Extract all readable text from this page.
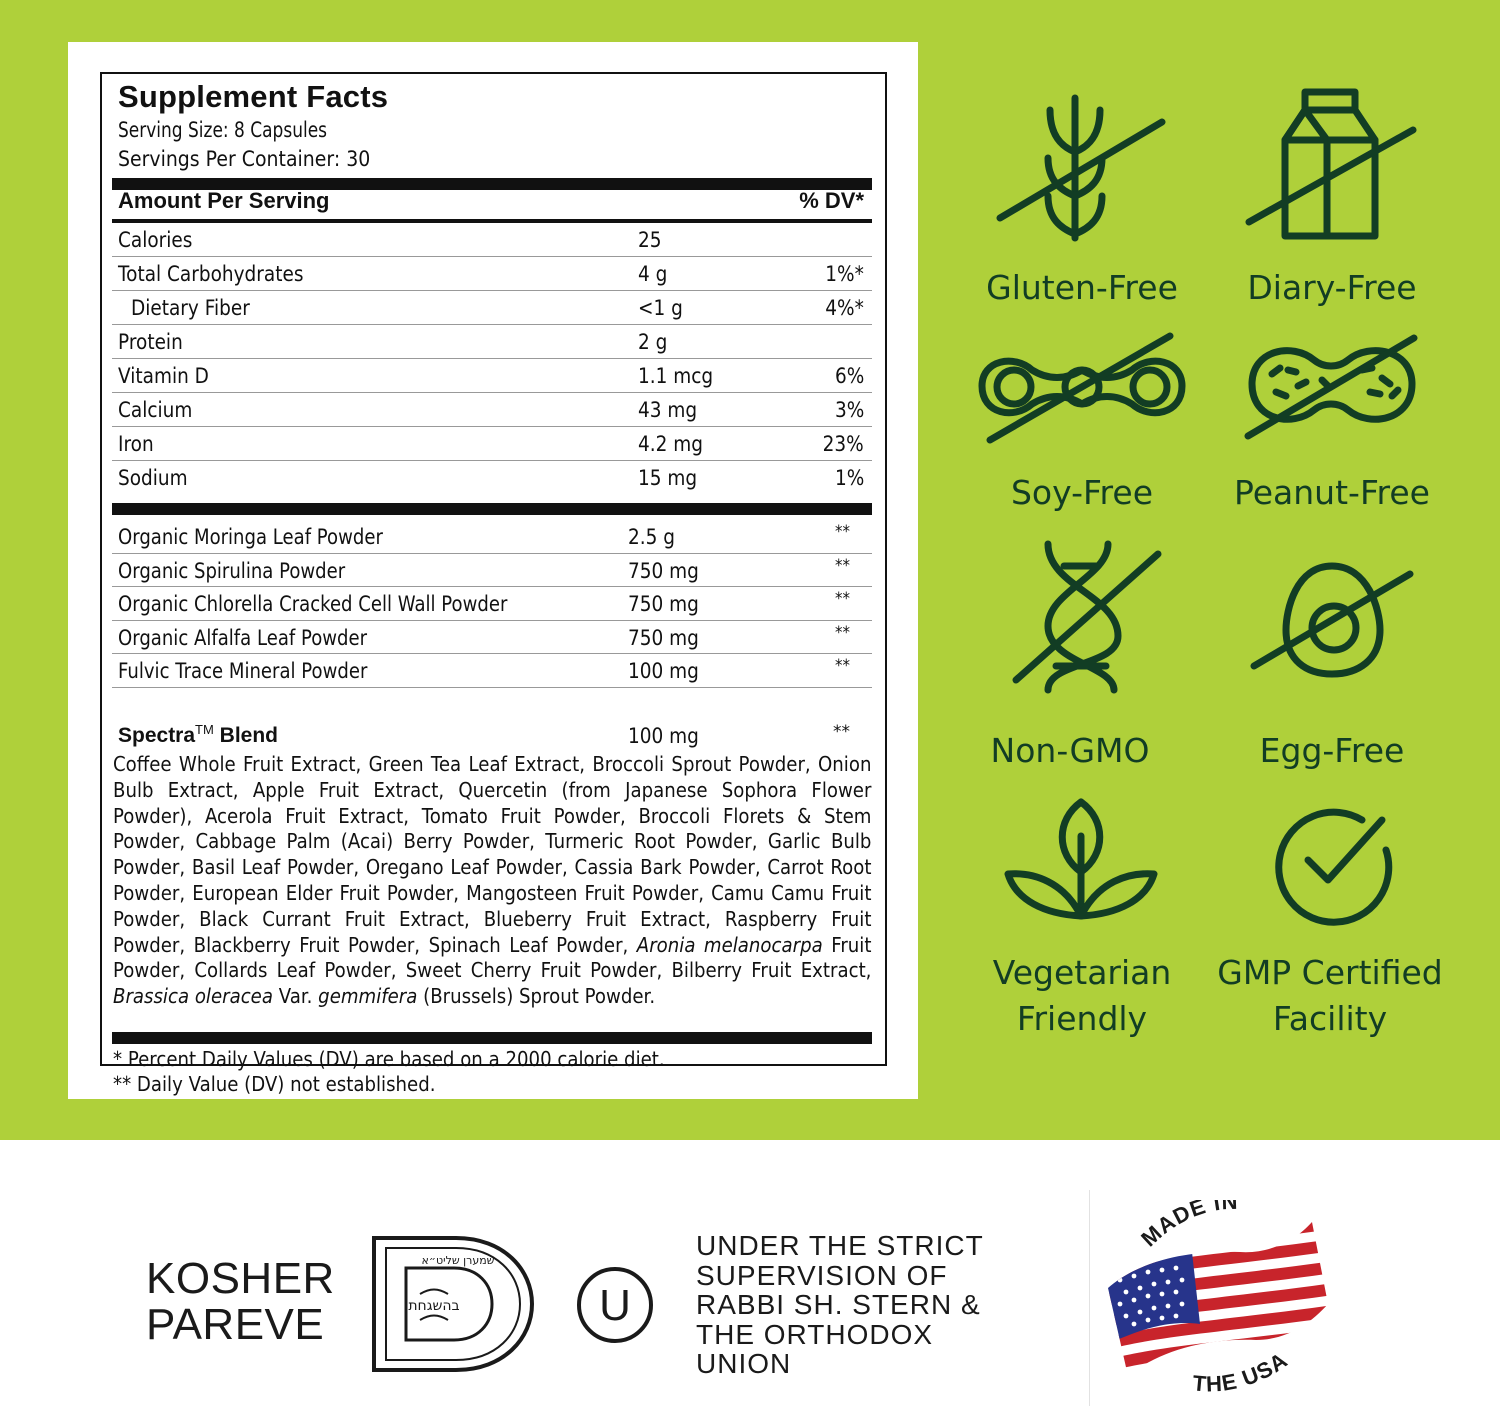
Supplement Facts
Serving Size: 8 Capsules
Servings Per Container: 30
Amount Per Serving	% DV*
Calories	25
Total Carbohydrates	4 g	1%*
Dietary Fiber	<1 g	4%*
Protein	2 g
Vitamin D	1.1 mcg	6%
Calcium	43 mg	3%
Iron	4.2 mg	23%
Sodium	15 mg	1%
Organic Moringa Leaf Powder	2.5 g	**
Organic Spirulina Powder	750 mg	**
Organic Chlorella Cracked Cell Wall Powder	750 mg	**
Organic Alfalfa Leaf Powder	750 mg	**
Fulvic Trace Mineral Powder	100 mg	**
Spectra™ Blend	100 mg	**
Coffee Whole Fruit Extract, Green Tea Leaf Extract, Broccoli Sprout Powder, Onion Bulb Extract, Apple Fruit Extract, Quercetin (from Japanese Sophora Flower Powder), Acerola Fruit Extract, Tomato Fruit Powder, Broccoli Florets & Stem Powder, Cabbage Palm (Acai) Berry Powder, Turmeric Root Powder, Garlic Bulb Powder, Basil Leaf Powder, Oregano Leaf Powder, Cassia Bark Powder, Carrot Root Powder, European Elder Fruit Powder, Mangosteen Fruit Powder, Camu Camu Fruit Powder, Black Currant Fruit Extract, Blueberry Fruit Extract, Raspberry Fruit Powder, Blackberry Fruit Powder, Spinach Leaf Powder, Aronia melanocarpa Fruit Powder, Collards Leaf Powder, Sweet Cherry Fruit Powder, Bilberry Fruit Extract, Brassica oleracea Var. gemmifera (Brussels) Sprout Powder.
* Percent Daily Values (DV) are based on a 2000 calorie diet.
** Daily Value (DV) not established.
Gluten-Free	Diary-Free
Soy-Free	Peanut-Free
Non-GMO	Egg-Free
Vegetarian
Friendly
GMP Certified
Facility
KOSHER
PAREVE	בהשגחת
שמערן שליט״א
U
UNDER THE STRICT
SUPERVISION OF
RABBI SH. STERN &
THE ORTHODOX
UNION
MADE IN
THE USA
